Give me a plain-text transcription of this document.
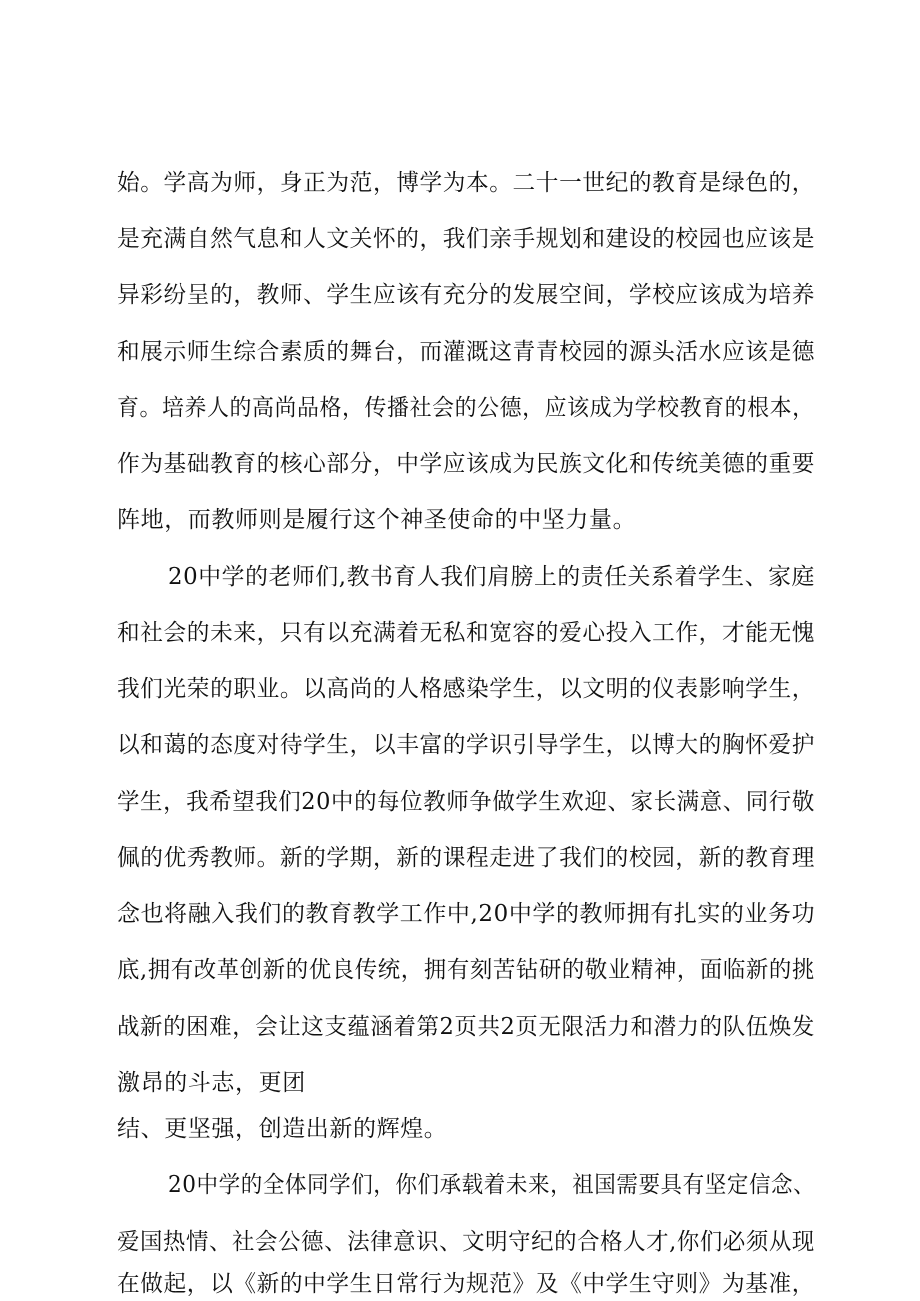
始。学高为师，身正为范，博学为本。二十一世纪的教育是绿色的，
是充满自然气息和人文关怀的，我们亲手规划和建设的校园也应该是
异彩纷呈的，教师、学生应该有充分的发展空间，学校应该成为培养
和展示师生综合素质的舞台，而灌溉这青青校园的源头活水应该是德
育。培养人的高尚品格，传播社会的公德，应该成为学校教育的根本，
作为基础教育的核心部分，中学应该成为民族文化和传统美德的重要
阵地，而教师则是履行这个神圣使命的中坚力量。
20中学的老师们,教书育人我们肩膀上的责任关系着学生、家庭
和社会的未来，只有以充满着无私和宽容的爱心投入工作，才能无愧
我们光荣的职业。以高尚的人格感染学生，以文明的仪表影响学生，
以和蔼的态度对待学生，以丰富的学识引导学生，以博大的胸怀爱护
学生，我希望我们20中的每位教师争做学生欢迎、家长满意、同行敬
佩的优秀教师。新的学期，新的课程走进了我们的校园，新的教育理
念也将融入我们的教育教学工作中,20中学的教师拥有扎实的业务功
底,拥有改革创新的优良传统，拥有刻苦钻研的敬业精神，面临新的挑
战新的困难，会让这支蕴涵着第2页共2页无限活力和潜力的队伍焕发
激昂的斗志，更团
结、更坚强，创造出新的辉煌。
20中学的全体同学们，你们承载着未来，祖国需要具有坚定信念、
爱国热情、社会公德、法律意识、文明守纪的合格人才,你们必须从现
在做起，以《新的中学生日常行为规范》及《中学生守则》为基准，
